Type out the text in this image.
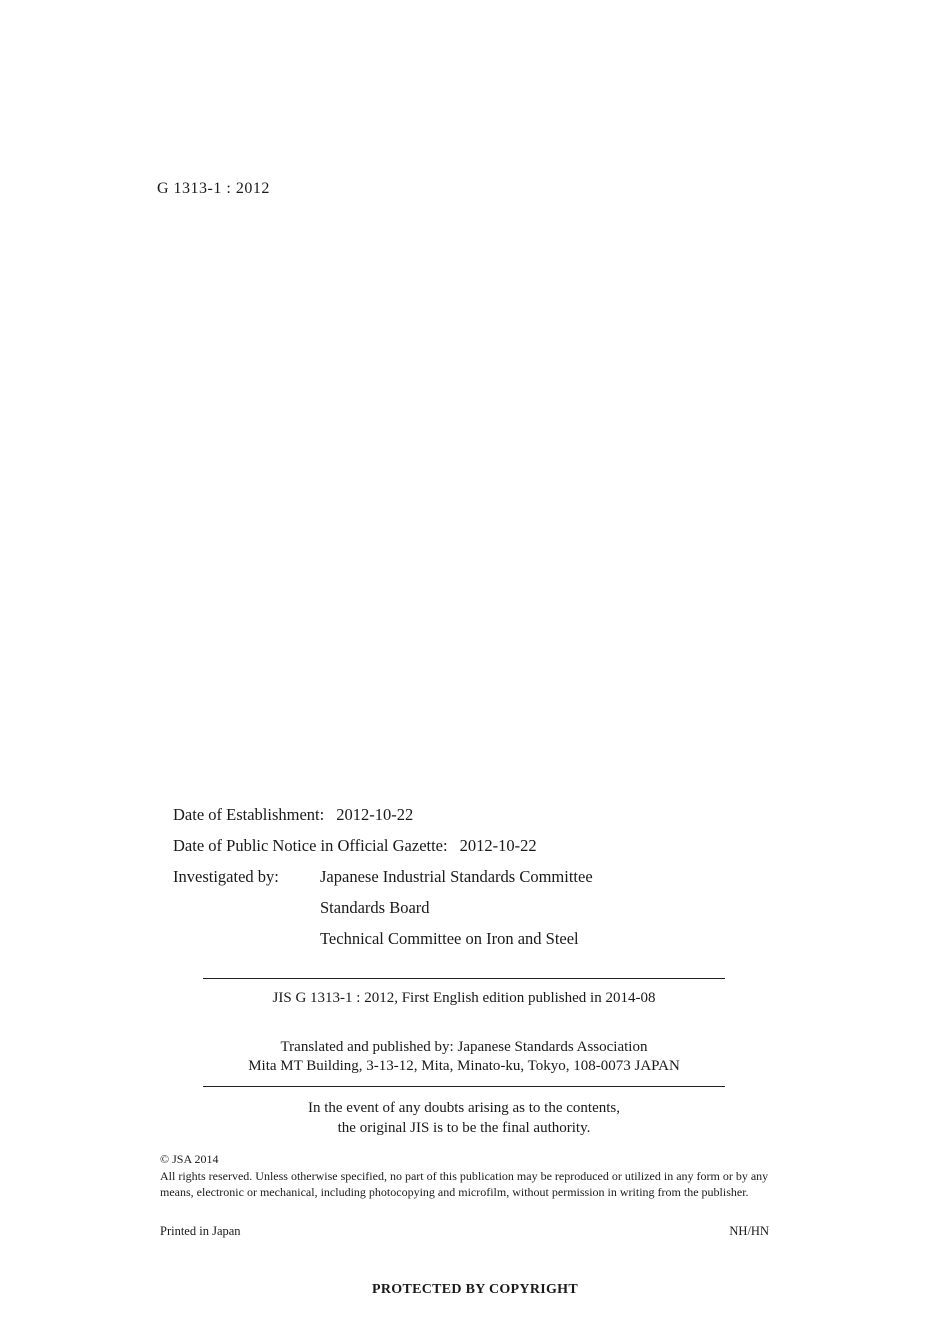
G 1313-1 : 2012
Date of Establishment: 2012-10-22
Date of Public Notice in Official Gazette: 2012-10-22
Investigated by: Japanese Industrial Standards Committee
Standards Board
Technical Committee on Iron and Steel
JIS G 1313-1 : 2012, First English edition published in 2014-08
Translated and published by: Japanese Standards Association
Mita MT Building, 3-13-12, Mita, Minato-ku, Tokyo, 108-0073 JAPAN
In the event of any doubts arising as to the contents,
the original JIS is to be the final authority.
© JSA 2014
All rights reserved. Unless otherwise specified, no part of this publication may be reproduced or utilized in any form or by any means, electronic or mechanical, including photocopying and microfilm, without permission in writing from the publisher.
Printed in Japan	NH/HN
PROTECTED BY COPYRIGHT
